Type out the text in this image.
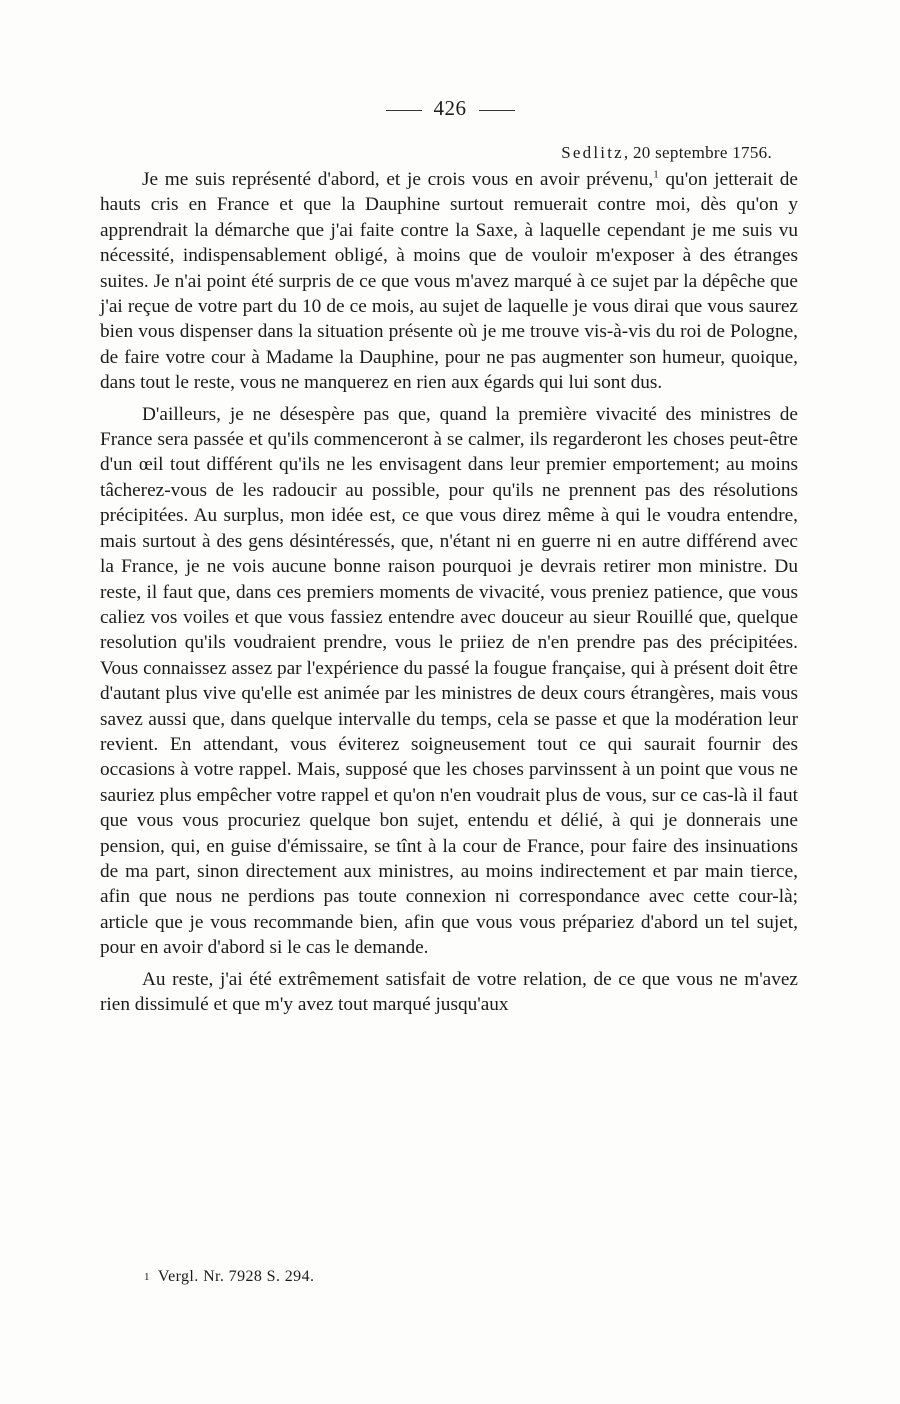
426
Sedlitz, 20 septembre 1756.

Je me suis représenté d'abord, et je crois vous en avoir prévenu,$^1$ qu'on jetterait de hauts cris en France et que la Dauphine surtout remuerait contre moi, dès qu'on y apprendrait la démarche que j'ai faite contre la Saxe, à laquelle cependant je me suis vu nécessité, indispensablement obligé, à moins que de vouloir m'exposer à des étranges suites. Je n'ai point été surpris de ce que vous m'avez marqué à ce sujet par la dépêche que j'ai reçue de votre part du 10 de ce mois, au sujet de laquelle je vous dirai que vous saurez bien vous dispenser dans la situation présente où je me trouve vis-à-vis du roi de Pologne, de faire votre cour à Madame la Dauphine, pour ne pas augmenter son humeur, quoique, dans tout le reste, vous ne manquerez en rien aux égards qui lui sont dus.

D'ailleurs, je ne désespère pas que, quand la première vivacité des ministres de France sera passée et qu'ils commenceront à se calmer, ils regarderont les choses peut-être d'un œil tout différent qu'ils ne les envisagent dans leur premier emportement; au moins tâcherez-vous de les radoucir au possible, pour qu'ils ne prennent pas des résolutions précipitées. Au surplus, mon idée est, ce que vous direz même à qui le voudra entendre, mais surtout à des gens désintéressés, que, n'étant ni en guerre ni en autre différend avec la France, je ne vois aucune bonne raison pourquoi je devrais retirer mon ministre. Du reste, il faut que, dans ces premiers moments de vivacité, vous preniez patience, que vous caliez vos voiles et que vous fassiez entendre avec douceur au sieur Rouillé que, quelque resolution qu'ils voudraient prendre, vous le priiez de n'en prendre pas des précipitées. Vous connaissez assez par l'expérience du passé la fougue française, qui à présent doit être d'autant plus vive qu'elle est animée par les ministres de deux cours étrangères, mais vous savez aussi que, dans quelque intervalle du temps, cela se passe et que la modération leur revient. En attendant, vous éviterez soigneusement tout ce qui saurait fournir des occasions à votre rappel. Mais, supposé que les choses parvinssent à un point que vous ne sauriez plus empêcher votre rappel et qu'on n'en voudrait plus de vous, sur ce cas-là il faut que vous vous procuriez quelque bon sujet, entendu et délié, à qui je donnerais une pension, qui, en guise d'émissaire, se tînt à la cour de France, pour faire des insinuations de ma part, sinon directement aux ministres, au moins indirectement et par main tierce, afin que nous ne perdions pas toute connexion ni correspondance avec cette cour-là; article que je vous recommande bien, afin que vous vous prépariez d'abord un tel sujet, pour en avoir d'abord si le cas le demande.

Au reste, j'ai été extrêmement satisfait de votre relation, de ce que vous ne m'avez rien dissimulé et que m'y avez tout marqué jusqu'aux

1 Vergl. Nr. 7928 S. 294.
